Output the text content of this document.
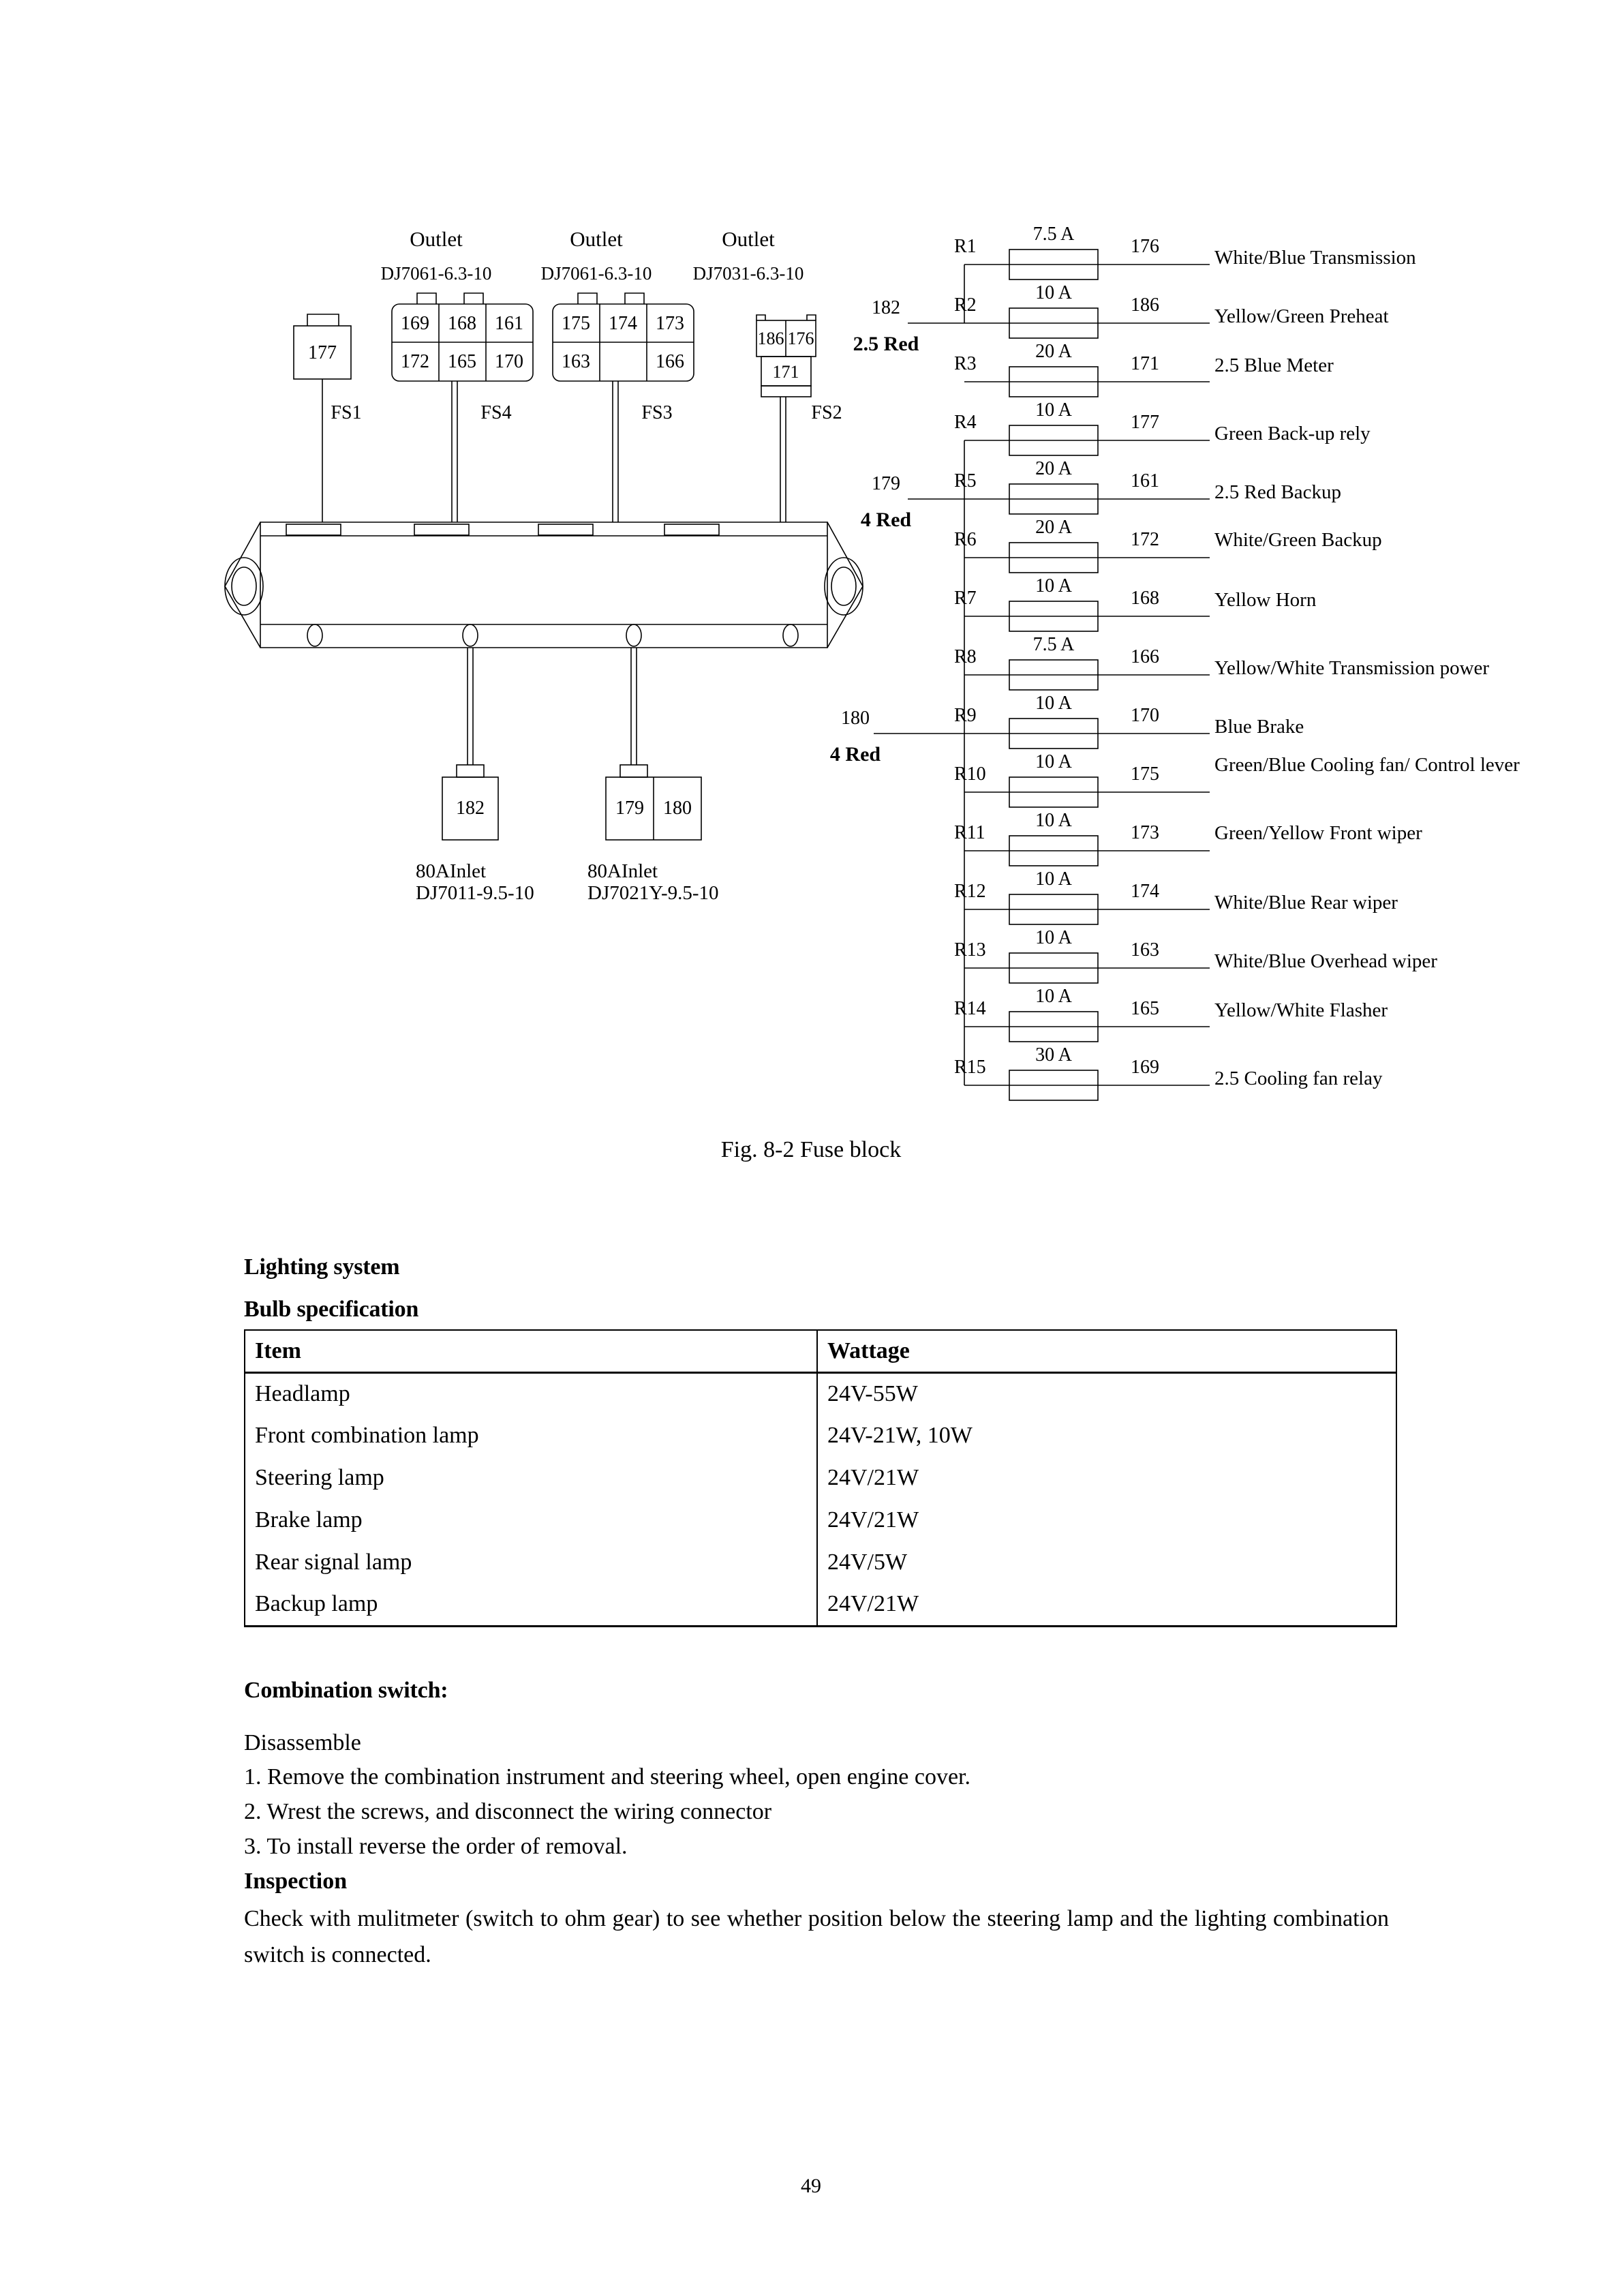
Outlet
DJ7061-6.3-10
Outlet
DJ7061-6.3-10
Outlet
DJ7031-6.3-10
177
FS1
169 168 161
172 165 170
FS4
175 174 173
163	166
FS3
186 176
171
FS2
182
80AInlet
DJ7011-9.5-10
179 180
80AInlet
DJ7021Y-9.5-10
182
2.5 Red
179
4 Red
180
4 Red
R1
7.5 A
176
White/Blue Transmission
R2
10 A
186
Yellow/Green Preheat
R3
20 A
171	2.5 Blue Meter
R4
10 A
177
Green Back-up rely
R5
20 A
161
2.5 Red Backup
R6
20 A
172	White/Green Backup
R7
10 A
168	Yellow Horn
R8
7.5 A
166
Yellow/White Transmission power
R9
10 A
170
Blue Brake
R10
10 A
175	Green/Blue Cooling fan/ Control lever
R11
10 A
173	Green/Yellow Front wiper
R12
10 A
174
White/Blue Rear wiper
R13
10 A
163
White/Blue Overhead wiper
R14
10 A
165	Yellow/White Flasher
R15
30 A
169
2.5 Cooling fan relay
Fig. 8-2 Fuse block

Lighting system

Bulb specification

Item	Wattage
Headlamp	24V-55W
Front combination lamp	24V-21W, 10W
Steering lamp	24V/21W
Brake lamp	24V/21W
Rear signal lamp	24V/5W
Backup lamp	24V/21W

Combination switch:

Disassemble

1. Remove the combination instrument and steering wheel, open engine cover.

2. Wrest the screws, and disconnect the wiring connector

3. To install reverse the order of removal.

Inspection

Check with mulitmeter (switch to ohm gear) to see whether position below the steering lamp and the lighting combination switch is connected.

49
